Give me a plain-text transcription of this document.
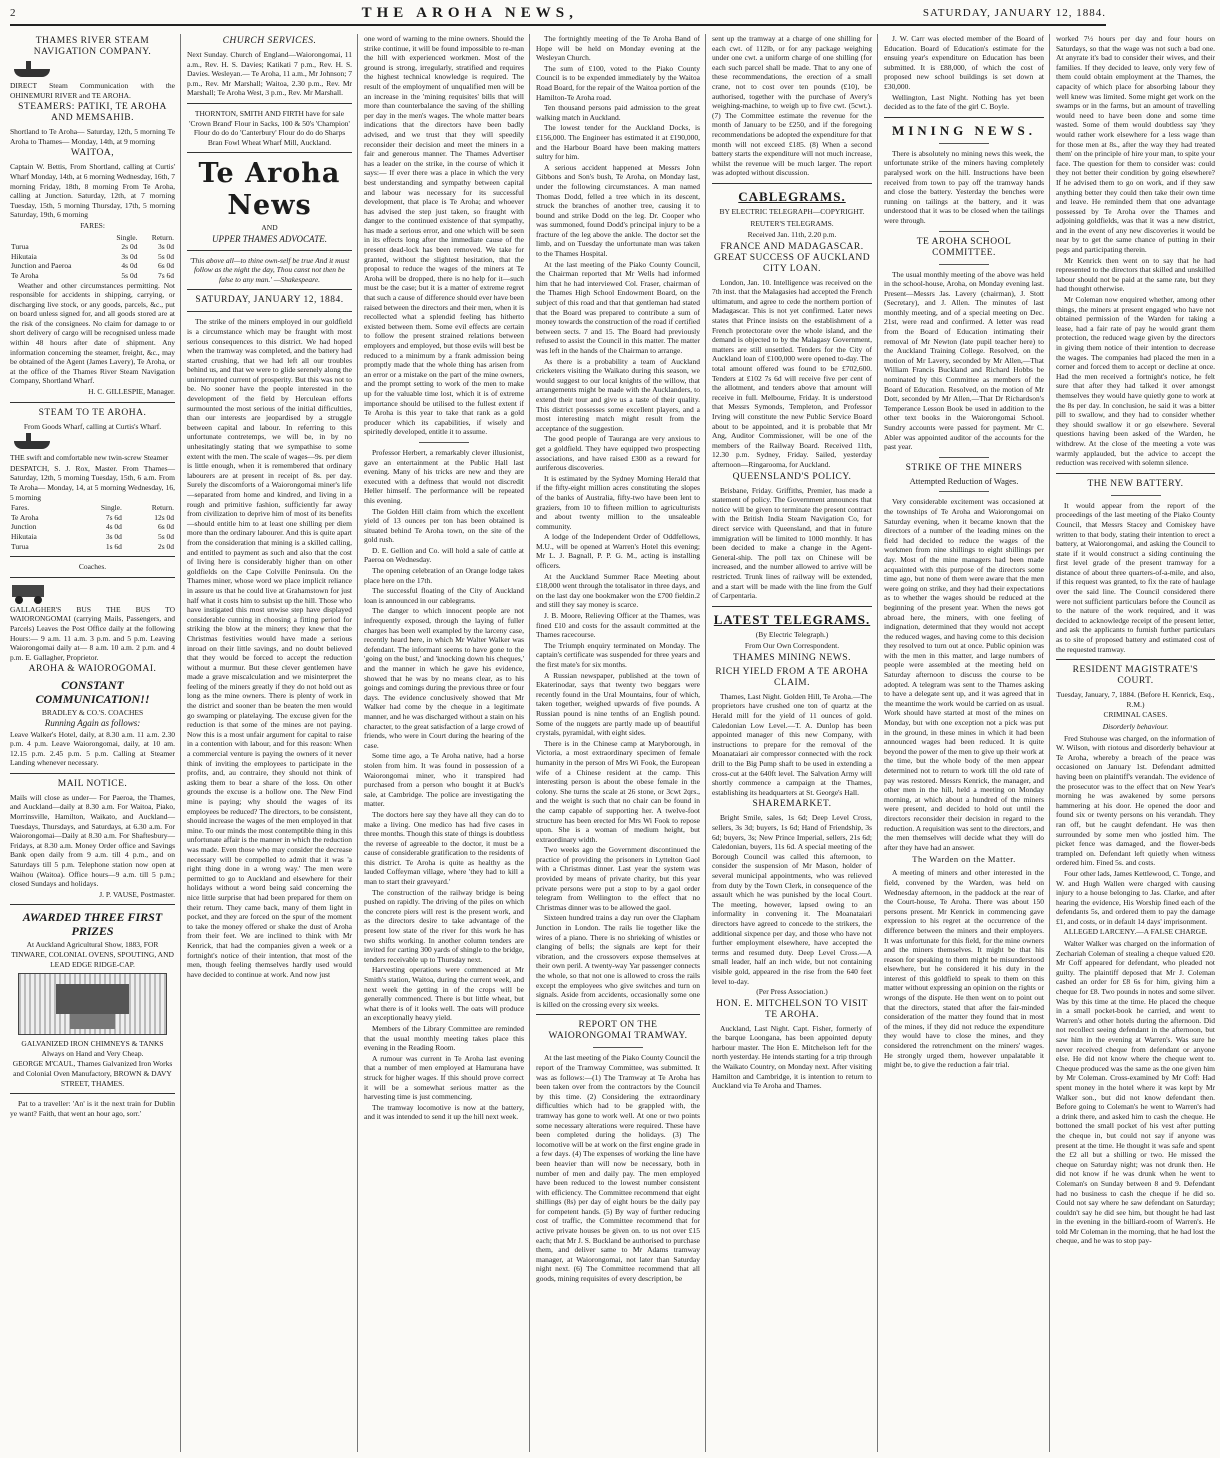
2	THE AROHA NEWS,	SATURDAY, JANUARY 12, 1884.
THAMES RIVER STEAM NAVIGATION COMPANY.

DIRECT Steam Communication with the OHINEMURI RIVER and TE AROHA.

STEAMERS: PATIKI, TE AROHA AND MEMSAHIB.

Shortland to Te Aroha— Saturday, 12th, 5 morning Te Aroha to Thames— Monday, 14th, at 9 morning

WAITOA,

Captain W. Bettis, From Shortland, calling at Curtis' Wharf Monday, 14th, at 6 morning Wednesday, 16th, 7 morning Friday, 18th, 8 morning From Te Aroha, calling at Junction. Saturday, 12th, at 7 morning Tuesday, 15th, 5 morning Thursday, 17th, 5 morning Saturday, 19th, 6 morning

FARES:
	Single.	Return.
Turua	2s 0d	3s 0d
Hikutaia	3s 0d	5s 0d
Junction and Paeroa	4s 0d	6s 0d
Te Aroha	5s 0d	7s 6d

Weather and other circumstances permitting. Not responsible for accidents in shipping, carrying, or discharging live stock, or any goods, parcels, &c., put on board unless signed for, and all goods stored are at the risk of the consignees. No claim for damage to or short delivery of cargo will be recognised unless made within 48 hours after date of shipment. Any information concerning the steamer, freight, &c., may be obtained of the Agent (James Lavery), Te Aroha, or at the office of the Thames River Steam Navigation Company, Shortland Wharf.

H. C. GILLESPIE, Manager.

STEAM TO TE AROHA.

From Goods Wharf, calling at Curtis's Wharf.

THE swift and comfortable new twin-screw Steamer

DESPATCH, S. J. Rox, Master. From Thames— Saturday, 12th, 5 morning Tuesday, 15th, 6 a.m. From Te Aroha— Monday, 14, at 5 morning Wednesday, 16, 5 morning

Fares.	Single.	Return.
Te Aroha	7s 6d	12s 0d
Junction	4s 0d	6s 0d
Hikutaia	3s 0d	5s 0d
Turua	1s 6d	2s 0d
Coaches.

GALLAGHER'S BUS THE BUS TO WAIORONGOMAI (carrying Mails, Passengers, and Parcels) Leaves the Post Office daily at the following Hours:— 9 a.m. 11 a.m. 3 p.m. and 5 p.m. Leaving Waiorongomai daily at— 8 a.m. 10 a.m. 2 p.m. and 4 p.m. E. Gallagher, Proprietor.

AROHA & WAIOROGOMAI.
CONSTANT COMMUNICATION!!

BRADLEY & CO.'S. COACHES

Running Again as follows:

Leave Walker's Hotel, daily, at 8.30 a.m. 11 a.m. 2.30 p.m. 4 p.m. Leave Waiorongomai, daily, at 10 am. 12.15 p.m. 2.45 p.m. 5 p.m. Calling at Steamer Landing whenever necessary.

MAIL NOTICE.

Mails will close as under— For Paeroa, the Thames, and Auckland—daily at 8.30 a.m. For Waitoa, Piako, Morrinsville, Hamilton, Waikato, and Auckland—Tuesdays, Thursdays, and Saturdays, at 6.30 a.m. For Waiorongomai—Daily at 8.30 a.m. For Shaftesbury—Fridays, at 8.30 a.m. Money Order office and Savings Bank open daily from 9 a.m. till 4 p.m., and on Saturdays till 5 p.m. Telephone station now open at Waihou (Waitoa). Office hours—9 a.m. till 5 p.m.; closed Sundays and holidays.

J. P. VAUSE, Postmaster.

AWARDED THREE FIRST PRIZES

At Auckland Agricultural Show, 1883, FOR TINWARE, COLONIAL OVENS, SPOUTING, AND LEAD EDGE RIDGE-CAP.

GALVANIZED IRON CHIMNEYS & TANKS Always on Hand and Very Cheap.

GEORGE M'CAUL, Thames Galvanized Iron Works and Colonial Oven Manufactory, BROWN & DAVY STREET, THAMES.

Pat to a traveller: 'An' is it the next train for Dublin ye want? Faith, that went an hour ago, sorr.'

CHURCH SERVICES.

Next Sunday. Church of England—Waiorongomai, 11 a.m., Rev. H. S. Davies; Katikati 7 p.m., Rev. H. S. Davies. Wesleyan.— Te Aroha, 11 a.m., Mr Johnson; 7 p.m., Rev. Mr Marshall; Waitoa, 2.30 p.m., Rev. Mr Marshall; Te Aroha West, 3 p.m., Rev. Mr Marshall.

THORNTON, SMITH AND FIRTH have for sale 'Crown Brand' Flour in Sacks, 100 & 50's 'Champion' Flour do do do 'Canterbury' Flour do do do Sharps Bran Fowl Wheat Wharf Mill, Auckland.

Te Aroha News
AND
UPPER THAMES ADVOCATE.

'This above all—to thine own-self be true And it must follow as the night the day, Thou canst not then be false to any man.' —Shakespeare.

SATURDAY, JANUARY 12, 1884.

The strike of the miners employed in our goldfield is a circumstance which may be fraught with most serious consequences to this district. We had hoped when the tramway was completed, and the battery had started crushing, that we had left all our troubles behind us, and that we were to glide serenely along the uninterrupted current of prosperity. But this was not to be. No sooner have the people interested in the development of the field by Herculean efforts surmounted the most serious of the initial difficulties, than our interests are jeopardised by a struggle between capital and labour. In referring to this unfortunate contretemps, we will be, in by no unhesitatingly stating that we sympathise to some extent with the men. The scale of wages—9s. per diem is little enough, when it is remembered that ordinary labourers are at present in receipt of 8s. per day. Surely the discomforts of a Waiorongomai miner's life—separated from home and kindred, and living in a rough and primitive fashion, sufficiently far away from civilization to deprive him of most of its benefits—should entitle him to at least one shilling per diem more than the ordinary labourer. And this is quite apart from the consideration that mining is a skilled calling, and entitled to payment as such and also that the cost of living here is considerably higher than on other goldfields on the Cape Colville Peninsula. On the Thames miner, whose word we place implicit reliance in assure us that he could live at Grahamstown for just half what it costs him to subsist up the hill. Those who have instigated this most unwise step have displayed considerable cunning in choosing a fitting period for striking the blow at the miners; they knew that the Christmas festivities would have made a serious inroad on their little savings, and no doubt believed that they would be forced to accept the reduction without a murmur. But these clever gentlemen have made a grave miscalculation and we misinterpret the feeling of the miners greatly if they do not hold out as long as the mine owners. There is plenty of work in the district and sooner than be beaten the men would go swamping or platelaying. The excuse given for the reduction is that some of the mines are not paying. Now this is a most unfair argument for capital to raise in a contention with labour, and for this reason: When a commercial venture is paying the owners of it never think of inviting the employees to participate in the profits, and, au contraire, they should not think of asking them to bear a share of the loss. On other grounds the excuse is a hollow one. The New Find mine is paying; why should the wages of its employees be reduced? The directors, to be consistent, should increase the wages of the men employed in that mine. To our minds the most contemptible thing in this unfortunate affair is the manner in which the reduction was made. Even those who may consider the decrease necessary will be compelled to admit that it was 'a right thing done in a wrong way.' The men were permitted to go to Auckland and elsewhere for their holidays without a word being said concerning the nice little surprise that had been prepared for them on their return. They came back, many of them light in pocket, and they are forced on the spur of the moment to take the money offered or shake the dust of Aroha from their feet. We are inclined to think with Mr Kenrick, that had the companies given a week or a fortnight's notice of their intention, that most of the men, though feeling themselves hardly used would have decided to continue at work. And now just

one word of warning to the mine owners. Should the strike continue, it will be found impossible to re-man the hill with experienced workmen. Most of the ground is strong, irregularly, stratified and requires the highest technical knowledge is required. The result of the employment of unqualified men will be an increase in the 'mining requisites' bills that will more than counterbalance the saving of the shilling per day in the men's wages. The whole matter bears indications that the directors have been badly advised, and we trust that they will speedily reconsider their decision and meet the miners in a fair and generous manner. The Thames Advertiser has a leader on the strike, in the course of which it says:— If ever there was a place in which the very best understanding and sympathy between capital and labour was necessary for its successful development, that place is Te Aroha; and whoever has advised the step just taken, so fraught with danger to the continued existence of that sympathy, has made a serious error, and one which will be seen in its effects long after the immediate cause of the present dead-lock has been removed. We take for granted, without the slightest hesitation, that the proposal to reduce the wages of the miners at Te Aroha will be dropped, there is no help for it—such must be the case; but it is a matter of extreme regret that such a cause of difference should ever have been raised between the directors and their men, when it is recollected what a splendid feeling has hitherto existed between them. Some evil effects are certain to follow the present strained relations between employers and employed, but those evils will best be reduced to a minimum by a frank admission being promptly made that the whole thing has arisen from an error or a mistake on the part of the mine owners, and the prompt setting to work of the men to make up for the valuable time lost, which it is of extreme importance should be utilised to the fullest extent if Te Aroha is this year to take that rank as a gold producer which its capabilities, if wisely and spiritedly developed, entitle it to assume.

Professor Herbert, a remarkably clever illusionist, gave an entertainment at the Public Hall last evening. Many of his tricks are new and they are executed with a deftness that would not discredit Heller himself. The performance will be repeated this evening.

The Golden Hill claim from which the excellent yield of 13 ounces per ton has been obtained is situated behind Te Aroha town, on the site of the gold rush.

D. E. Gellion and Co. will hold a sale of cattle at Paeroa on Wednesday.

The opening celebration of an Orange lodge takes place here on the 17th.

The successful floating of the City of Auckland loan is announced in our cablegrams.

The danger to which innocent people are not infrequently exposed, through the laying of fuller charges has been well exampled by the larceny case, recently heard here, in which Mr Walter Walker was defendant. The informant seems to have gone to the 'going on the bust,' and 'knocking down his cheques,' and the manner in which he gave his evidence, showed that he was by no means clear, as to his goings and comings during the previous three or four days. The evidence conclusively showed that Mr Walker had come by the cheque in a legitimate manner, and he was discharged without a stain on his character, to the great satisfaction of a large crowd of friends, who were in Court during the hearing of the case.

Some time ago, a Te Aroha native, had a horse stolen from him. It was found in possession of a Waiorongomai miner, who it transpired had purchased from a person who bought it at Buck's sale, at Cambridge. The police are investigating the matter.

The doctors here say they have all they can do to make a living. One medico has had five cases in three months. Though this state of things is doubtless the reverse of agreeable to the doctor, it must be a cause of considerable gratification to the residents of this district. Te Aroha is quite as healthy as the lauded Coffeyman village, where 'they had to kill a man to start their graveyard.'

The construction of the railway bridge is being pushed on rapidly. The driving of the piles on which the concrete piers will rest is the present work, and as the directors desire to take advantage of the present low state of the river for this work he has two shifts working. In another column tenders are invited for carting 300 yards of shingle to the bridge, tenders receivable up to Thursday next.

Harvesting operations were commenced at Mr Smith's station, Waitoa, during the current week, and next week the getting in of the crops will be generally commenced. There is but little wheat, but what there is of it looks well. The oats will produce an exceptionally heavy yield.

Members of the Library Committee are reminded that the usual monthly meeting takes place this evening in the Reading Room.

A rumour was current in Te Aroha last evening that a number of men employed at Hamurana have struck for higher wages. If this should prove correct it will be a somewhat serious matter as the harvesting time is just commencing.

The tramway locomotive is now at the battery, and it was intended to send it up the hill next week.

The fortnightly meeting of the Te Aroha Band of Hope will be held on Monday evening at the Wesleyan Church.

The sum of £100, voted to the Piako County Council is to be expended immediately by the Waitoa Road Board, for the repair of the Waitoa portion of the Hamilton-Te Aroha road.

Ten thousand persons paid admission to the great walking match in Auckland.

The lowest tender for the Auckland Docks, is £156,000. The Engineer has estimated it at £190,000, and the Harbour Board have been making matters sultry for him.

A serious accident happened at Messrs John Gibbons and Son's bush, Te Aroha, on Monday last, under the following circumstances. A man named Thomas Dodd, felled a tree which in its descent, struck the branches of another tree, causing it to bound and strike Dodd on the leg. Dr. Cooper who was summoned, found Dodd's principal injury to be a fracture of the leg above the ankle. The doctor set the limb, and on Tuesday the unfortunate man was taken to the Thames Hospital.

At the last meeting of the Piako County Council, the Chairman reported that Mr Wells had informed him that he had interviewed Col. Fraser, chairman of the Thames High School Endowment Board, on the subject of this road and that that gentleman had stated that the Board was prepared to contribute a sum of money towards the construction of the road if certified between sects. 7 and 15. The Board had previously refused to assist the Council in this matter. The matter was left in the hands of the Chairman to arrange.

As there is a probability a team of Auckland cricketers visiting the Waikato during this season, we would suggest to our local knights of the willow, that arrangements might be made with the Aucklanders, to extend their tour and give us a taste of their quality. This district possesses some excellent players, and a most interesting match might result from the acceptance of the suggestion.

The good people of Tauranga are very anxious to get a goldfield. They have equipped two prospecting associations, and have raised £300 as a reward for auriferous discoveries.

It is estimated by the Sydney Morning Herald that if the fifty-eight million acres constituting the slopes of the banks of Australia, fifty-two have been lent to graziers, from 10 to fifteen million to agriculturists and about twenty million to the unsaleable community.

A lodge of the Independent Order of Oddfellows, M.U., will be opened at Warren's Hotel this evening; Mr L. J. Bagnall, P. P. G. M., acting is installing officers.

At the Auckland Summer Race Meeting about £18,000 went through the totalisator in three days, and on the last day one bookmaker won the £700 fieldin.2 and still they say money is scarce.

J. B. Moore, Relieving Officer at the Thames, was fined £10 and costs for the assault committed at the Thames racecourse.

The Triumph enquiry terminated on Monday. The captain's certificate was suspended for three years and the first mate's for six months.

A Russian newspaper, published at the town of Ekaterinodar, says that twenty two beggars were recently found in the Ural Mountains, four of which, taken together, weighed upwards of five pounds. A Russian pound is nine tenths of an English pound. Some of the nuggets are partly made up of beautiful crystals, pyramidal, with eight sides.

There is in the Chinese camp at Maryborough, in Victoria, a most extraordinary specimen of female humanity in the person of Mrs Wi Fook, the European wife of a Chinese resident at the camp. This interesting person is about the obese female in the colony. She turns the scale at 26 stone, or 3cwt 2qrs., and the weight is such that no chair can be found in the camp capable of supporting her. A twelve-foot structure has been erected for Mrs Wi Fook to repose upon. She is a woman of medium height, but extraordinary width.

Two weeks ago the Government discontinued the practice of providing the prisoners in Lyttelton Gaol with a Christmas dinner. Last year the system was provided by means of private charity, but this year private persons were put a stop to by a gaol order telegram from Wellington to the effect that no Christmas dinner was to be allowed the gaol.

Sixteen hundred trains a day run over the Clapham Junction in London. The rails lie together like the wires of a piano. There is no shrieking of whistles or clanging of bells; the signals are kept for their vibration, and the crossovers expose themselves at their own peril. A twenty-way Yar passenger connects the whole, so that not one is allowed to cross the rails except the employees who give switches and turn on signals. Aside from accidents, occasionally some one is killed on the crossing every six weeks.

REPORT ON THE WAIORONGOMAI TRAMWAY.

At the last meeting of the Piako County Council the report of the Tramway Committee, was submitted. It was as follows:—(1) The Tramway at Te Aroha has been taken over from the contractors by the Council by this time. (2) Considering the extraordinary difficulties which had to be grappled with, the tramway has gone to work well. At one or two points some necessary alterations were required. These have been completed during the holidays. (3) The locomotive will be at work on the first engine grade in a few days. (4) The expenses of working the line have been heavier than will now be necessary, both in number of men and daily pay. The men employed have been reduced to the lowest number consistent with efficiency. The Committee recommend that eight shillings (8s) per day of eight hours be the daily pay for competent hands. (5) By way of further reducing cost of traffic, the Committee recommend that for active private houses be given on. to us not over £15 each; that Mr J. S. Buckland be authorised to purchase them, and deliver same to Mr Adams tramway manager, at Waiorongomai, not later than Saturday night next. (6) The Committee recommend that all goods, mining requisites of every description, be

sent up the tramway at a charge of one shilling for each cwt. of 112lb, or for any package weighing under one cwt. a uniform charge of one shilling (for each such parcel shall be made. That to any one of these recommendations, the erection of a small crane, not to cost over ten pounds (£10), be authorised, together with the purchase of Avery's weighing-machine, to weigh up to five cwt. (5cwt.). (7) The Committee estimate the revenue for the month of January to be £250, and if the foregoing recommendations be adopted the expenditure for that month will not exceed £185. (8) When a second battery starts the expenditure will not much increase, whilst the revenue will be much larger. The report was adopted without discussion.

CABLEGRAMS.
BY ELECTRIC TELEGRAPH—COPYRIGHT.
REUTER'S TELEGRAMS.

Received Jan. 11th, 2.20 p.m.

FRANCE AND MADAGASCAR. GREAT SUCCESS OF AUCKLAND CITY LOAN.

London, Jan. 10. Intelligence was received on the 7th inst. that the Malagasies had accepted the French ultimatum, and agree to cede the northern portion of Madagascar. This is not yet confirmed. Later news states that Prince insists on the establishment of a French protectorate over the whole island, and the demand is objected to by the Malagasy Government, matters are still unsettled. Tenders for the City of Auckland loan of £100,000 were opened to-day. The total amount offered was found to be £702,600. Tenders at £102 7s 6d will receive five per cent of the allotment, and tenders above that amount will receive in full. Melbourne, Friday. It is understood that Messrs Symonds, Templeton, and Professor Irving will constitute the new Public Service Board about to be appointed, and it is probable that Mr Ang, Auditor Commissioner, will be one of the members of the Railway Board. Received 11th, 12.30 p.m. Sydney, Friday. Sailed, yesterday afternoon—Ringarooma, for Auckland.

QUEENSLAND'S POLICY.

Brisbane, Friday. Griffiths, Premier, has made a statement of policy. The Government announces that notice will be given to terminate the present contract with the British India Steam Navigation Co, for direct service with Queensland, and that in future immigration will be limited to 1000 monthly. It has been decided to make a change in the Agent-General-ship. The poll tax on Chinese will be increased, and the number allowed to arrive will be restricted. Trunk lines of railway will be extended, and a start will be made with the line from the Gulf of Carpentaria.

LATEST TELEGRAMS.
(By Electric Telegraph.)
From Our Own Correspondent.
THAMES MINING NEWS.
RICH YIELD FROM A TE AROHA CLAIM.

Thames, Last Night. Golden Hill, Te Aroha.—The proprietors have crushed one ton of quartz at the Herald mill for the yield of 11 ounces of gold. Caledonian Low Level.—T. A. Dunlop has been appointed manager of this new Company, with instructions to prepare for the removal of the Moanataiari air compressor connected with the rock drill to the Big Pump shaft to be used in extending a cross-cut at the 640ft level. The Salvation Army will shortly commence a campaign at the Thames, establishing its headquarters at St. George's Hall.

SHAREMARKET.

Bright Smile, sales, 1s 6d; Deep Level Cross, sellers, 3s 3d; buyers, 1s 6d; Hand of Friendship, 3s 6d; buyers, 3s; New Prince Imperial, sellers, 21s 6d; Caledonian, buyers, 11s 6d. A special meeting of the Borough Council was called this afternoon, to consider the suspension of Mr Mason, holder of several municipal appointments, who was relieved from duty by the Town Clerk, in consequence of the assault which he was punished by the local Court. The meeting, however, lapsed owing to an informality in convening it. The Moanataiari directors have agreed to concede to the strikers, the additional sixpence per day, and those who have not further employment elsewhere, have accepted the terms and resumed duty. Deep Level Cross.—A small leader, half an inch wide, but not containing visible gold, appeared in the rise from the 640 feet level to-day.

(Per Press Association.)
HON. E. MITCHELSON TO VISIT TE AROHA.

Auckland, Last Night. Capt. Fisher, formerly of the barque Loongana, has been appointed deputy harbour master. The Hon E. Mitchelson left for the north yesterday. He intends starting for a trip through the Waikato Country, on Monday next. After visiting Hamilton and Cambridge, it is intention to return to Auckland via Te Aroha and Thames.

J. W. Carr was elected member of the Board of Education. Board of Education's estimate for the ensuing year's expenditure on Education has been submitted. It is £88,000, of which the cost of proposed new school buildings is set down at £30,000.

Wellington, Last Night. Nothing has yet been decided as to the fate of the girl C. Boyle.

MINING NEWS.

There is absolutely no mining news this week, the unfortunate strike of the miners having completely paralysed work on the hill. Instructions have been received from town to pay off the tramway hands and close the battery. Yesterday the benches were running on tailings at the battery, and it was understood that it was to be closed when the tailings were through.

TE AROHA SCHOOL COMMITTEE.

The usual monthly meeting of the above was held in the school-house, Aroha, on Monday evening last. Present—Messrs Jas. Lavery (chairman), J. Stott (Secretary), and J. Allen. The minutes of last monthly meeting, and of a special meeting on Dec. 21st, were read and confirmed. A letter was read from the Board of Education intimating their removal of Mr Newton (late pupil teacher here) to the Auckland Training College. Resolved, on the motion of Mr Lavery, seconded by Mr Allen,—That William Francis Buckland and Richard Hobbs be nominated by this Committee as members of the Board of Education. Resolved, on the motion of Mr Dott, seconded by Mr Allen,—That Dr Richardson's Temperance Lesson Book be used in addition to the other text books in the Waiorongomai School. Sundry accounts were passed for payment. Mr C. Abler was appointed auditor of the accounts for the past year.

STRIKE OF THE MINERS
Attempted Reduction of Wages.

Very considerable excitement was occasioned at the townships of Te Aroha and Waiorongomai on Saturday evening, when it became known that the directors of a number of the leading mines on the field had decided to reduce the wages of the workmen from nine shillings to eight shillings per day. Most of the mine managers had been made acquainted with this purpose of the directors some time ago, but none of them were aware that the men were going on strike, and they had their expectations as to whether the wages should be reduced at the beginning of the present year. When the news got abroad here, the miners, with one feeling of indignation, determined that they would not accept the reduced wages, and having come to this decision they resolved to turn out at once. Public opinion was with the men in this matter, and large numbers of people were assembled at the meeting held on Saturday afternoon to discuss the course to be adopted. A telegram was sent to the Thames asking to have a delegate sent up, and it was agreed that in the meantime the work would be carried on as usual. Work should have started at most of the mines on Monday, but with one exception not a pick was put in the ground, in these mines in which it had been announced wages had been reduced. It is quite beyond the power of the men to give up their work at the time, but the whole body of the men appear determined not to return to work till the old rate of pay was restored. Messrs Kenrick, the manager, and other men in the hill, held a meeting on Monday morning, at which about a hundred of the miners were present, and decided to hold out until the directors reconsider their decision in regard to the reduction. A requisition was sent to the directors, and the men themselves will decide what they will do after they have had an answer.

The Warden on the Matter.

A meeting of miners and other interested in the field, convened by the Warden, was held on Wednesday afternoon, in the paddock at the rear of the Court-house, Te Aroha. There was about 150 persons present. Mr Kenrick in commencing gave expression to his regret at the occurrence of the difference between the miners and their employers. It was unfortunate for this field, for the mine owners and the miners themselves. It might be that his reason for speaking to them might be misunderstood elsewhere, but he considered it his duty in the interest of this goldfield to speak to them on this matter without expressing an opinion on the rights or wrongs of the dispute. He then went on to point out that the directors, stated that after the fair-minded consideration of the matter they found that in most of the mines, if they did not reduce the expenditure they would have to close the mines, and they considered the retrenchment on the miners' wages. He strongly urged them, however unpalatable it might be, to give the reduction a fair trial.

worked 7½ hours per day and four hours on Saturdays, so that the wage was not such a bad one. At anyrate it's bad to consider their wives, and their families. If they decided to leave, only very few of them could obtain employment at the Thames, the capacity of which place for absorbing labour they well knew was limited. Some might get work on the swamps or in the farms, but an amount of travelling would need to have been done and some time wasted. Some of them would doubtless say 'they would rather work elsewhere for a less wage than for those men at 8s., after the way they had treated them' on the principle of hire your man, to spite your face. The question for them to consider was: could they not better their condition by going elsewhere? If he advised them to go on work, and if they saw anything better they could then take their own time and leave. He reminded them that one advantage possessed by Te Aroha over the Thames and adjoining goldfields, was that it was a new district, and in the event of any new discoveries it would be near by to get the same chance of putting in their pegs and participating therein.

Mr Kenrick then went on to say that he had represented to the directors that skilled and unskilled labour should not be paid at the same rate, but they had thought otherwise.

Mr Coleman now enquired whether, among other things, the miners at present engaged who have not obtained permission of the Warden for taking a lease, had a fair rate of pay he would grant them protection, the reduced wage given by the directors in giving them notice of their intention to decrease the wages. The companies had placed the men in a corner and forced them to accept or decline at once. Had the men received a fortnight's notice, he felt sure that after they had talked it over amongst themselves they would have quietly gone to work at the 8s per day. In conclusion, he said it was a bitter pill to swallow, and they had to consider whether they should swallow it or go elsewhere. Several questions having been asked of the Warden, he withdrew. At the close of the meeting a vote was warmly applauded, but the advice to accept the reduction was received with solemn silence.

THE NEW BATTERY.

It would appear from the report of the proceedings of the last meeting of the Piako County Council, that Messrs Stacey and Comiskey have written to that body, stating their intention to erect a battery, at Waiorongomai, and asking the Council to state if it would construct a siding continuing the first level grade of the present tramway for a distance of about three quarters-of-a-mile, and also, if this request was granted, to fix the rate of haulage over the said line. The Council considered there were not sufficient particulars before the Council as to the nature of the work required, and it was decided to acknowledge receipt of the present letter, and ask the applicants to furnish further particulars as to site of proposed battery and estimated cost of the requested tramway.

RESIDENT MAGISTRATE'S COURT.

Tuesday, January, 7, 1884. (Before H. Kenrick, Esq., R.M.)

CRIMINAL CASES.
Disorderly behaviour.

Fred Stuhouse was charged, on the information of W. Wilson, with riotous and disorderly behaviour at Te Aroha, whereby a breach of the peace was occasioned on January 1st. Defendant admitted having been on plaintiff's verandah. The evidence of the prosecutor was to the effect that on New Year's morning he was awakened by some persons hammering at his door. He opened the door and found six or twenty persons on his verandah. They ran off, but he caught defendant. He was then surrounded by some men who jostled him. The picket fence was damaged, and the flower-beds trampled on. Defendant left quietly when witness ordered him. Fined 5s. and costs.

Four other lads, James Kettlewood, C. Tonge, and W. and Hugh Wallen were charged with causing injury to a house belonging to Jas. Clarke, and after hearing the evidence, His Worship fined each of the defendants 5s, and ordered them to pay the damage £1, and costs, or in default 14 days' imprisonment.

ALLEGED LARCENY.—A FALSE CHARGE.

Walter Walker was charged on the information of Zechariah Coleman of stealing a cheque valued £20. Mr Coff appeared for defendant, who pleaded not guilty. The plaintiff deposed that Mr J. Coleman cashed an order for £8 6s for him, giving him a cheque for £8. Two pounds in notes and some silver. Was by this time at the time. He placed the cheque in a small pocket-book he carried, and went to Warren's and other hotels during the afternoon. Did not recollect seeing defendant in the afternoon, but saw him in the evening at Warren's. Was sure he never received cheque from defendant or anyone else. He did not know where the cheque went to. Cheque produced was the same as the one given him by Mr Coleman. Cross-examined by Mr Coff: Had spent money in the hotel where it was kept by Mr Walker son., but did not know defendant then. Before going to Coleman's he went to Warren's had a drink there, and asked him to cash the cheque. He bottoned the small pocket of his vest after putting the cheque in, but could not say if anyone was present at the time. He thought it was safe and spent the £2 all but a shilling or two. He missed the cheque on Saturday night; was not drunk then. He did not know if he was drunk when he went to Coleman's on Sunday between 8 and 9. Defendant had no business to cash the cheque if he did so. Could not say where he saw defendant on Saturday; couldn't say he did see him, but thought he had last in the evening in the billiard-room of Warren's. He told Mr Coleman in the morning, that he had lost the cheque, and he was to stop pay-
